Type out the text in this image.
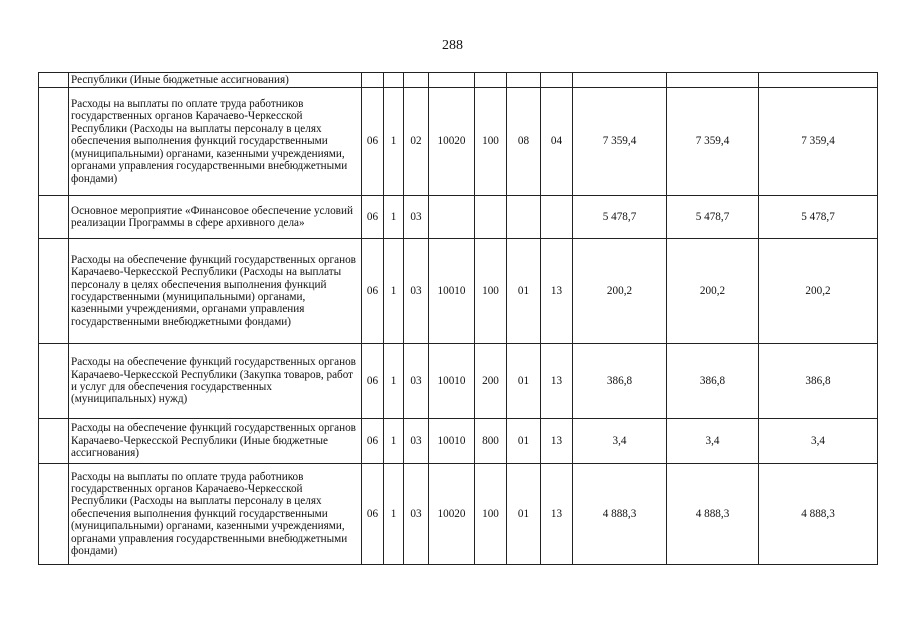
288
	Республики (Иные бюджетные ассигнования)										
	Расходы на выплаты по оплате труда работников государственных органов Карачаево-Черкесской Республики (Расходы на выплаты персоналу в целях обеспечения выполнения функций государственными (муниципальными) органами, казенными учреждениями, органами управления государственными внебюджетными фондами)	06	1	02	10020	100	08	04	7 359,4	7 359,4	7 359,4
	Основное мероприятие «Финансовое обеспечение условий реализации Программы в сфере архивного дела»	06	1	03					5 478,7	5 478,7	5 478,7
	Расходы на обеспечение функций государственных органов Карачаево-Черкесской Республики (Расходы на выплаты персоналу в целях обеспечения выполнения функций государственными (муниципальными) органами, казенными учреждениями, органами управления государственными внебюджетными фондами)	06	1	03	10010	100	01	13	200,2	200,2	200,2
	Расходы на обеспечение функций государственных органов Карачаево-Черкесской Республики (Закупка товаров, работ и услуг для обеспечения государственных (муниципальных) нужд)	06	1	03	10010	200	01	13	386,8	386,8	386,8
	Расходы на обеспечение функций государственных органов Карачаево-Черкесской Республики (Иные бюджетные ассигнования)	06	1	03	10010	800	01	13	3,4	3,4	3,4
	Расходы на выплаты по оплате труда работников государственных органов Карачаево-Черкесской Республики (Расходы на выплаты персоналу в целях обеспечения выполнения функций государственными (муниципальными) органами, казенными учреждениями, органами управления государственными внебюджетными фондами)	06	1	03	10020	100	01	13	4 888,3	4 888,3	4 888,3
